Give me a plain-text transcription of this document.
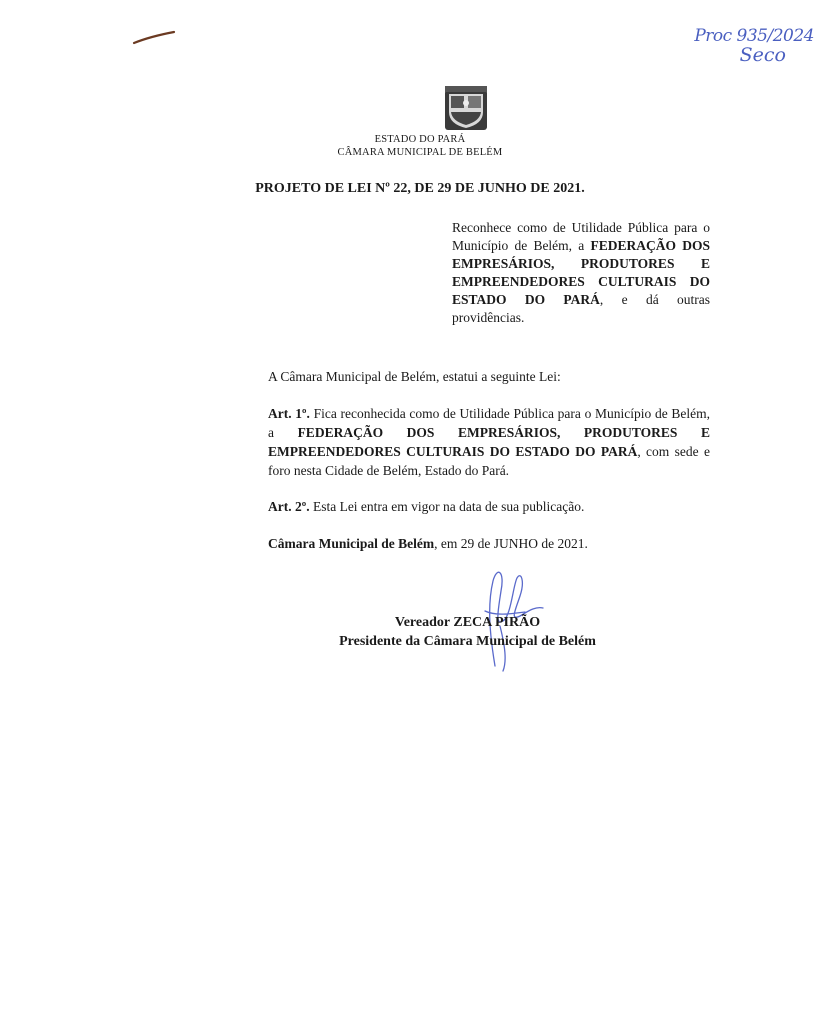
Proc 935/2024
Seco
ESTADO DO PARÁ
CÂMARA MUNICIPAL DE BELÉM
PROJETO DE LEI Nº 22, DE 29 DE JUNHO DE 2021.
Reconhece como de Utilidade Pública para o Município de Belém, a FEDERAÇÃO DOS EMPRESÁRIOS, PRODUTORES E EMPREENDEDORES CULTURAIS DO ESTADO DO PARÁ, e dá outras providências.
A Câmara Municipal de Belém, estatui a seguinte Lei:
Art. 1º. Fica reconhecida como de Utilidade Pública para o Município de Belém, a FEDERAÇÃO DOS EMPRESÁRIOS, PRODUTORES E EMPREENDEDORES CULTURAIS DO ESTADO DO PARÁ, com sede e foro nesta Cidade de Belém, Estado do Pará.
Art. 2º. Esta Lei entra em vigor na data de sua publicação.
Câmara Municipal de Belém, em 29 de JUNHO de 2021.
Vereador ZECA PIRÃO
Presidente da Câmara Municipal de Belém
